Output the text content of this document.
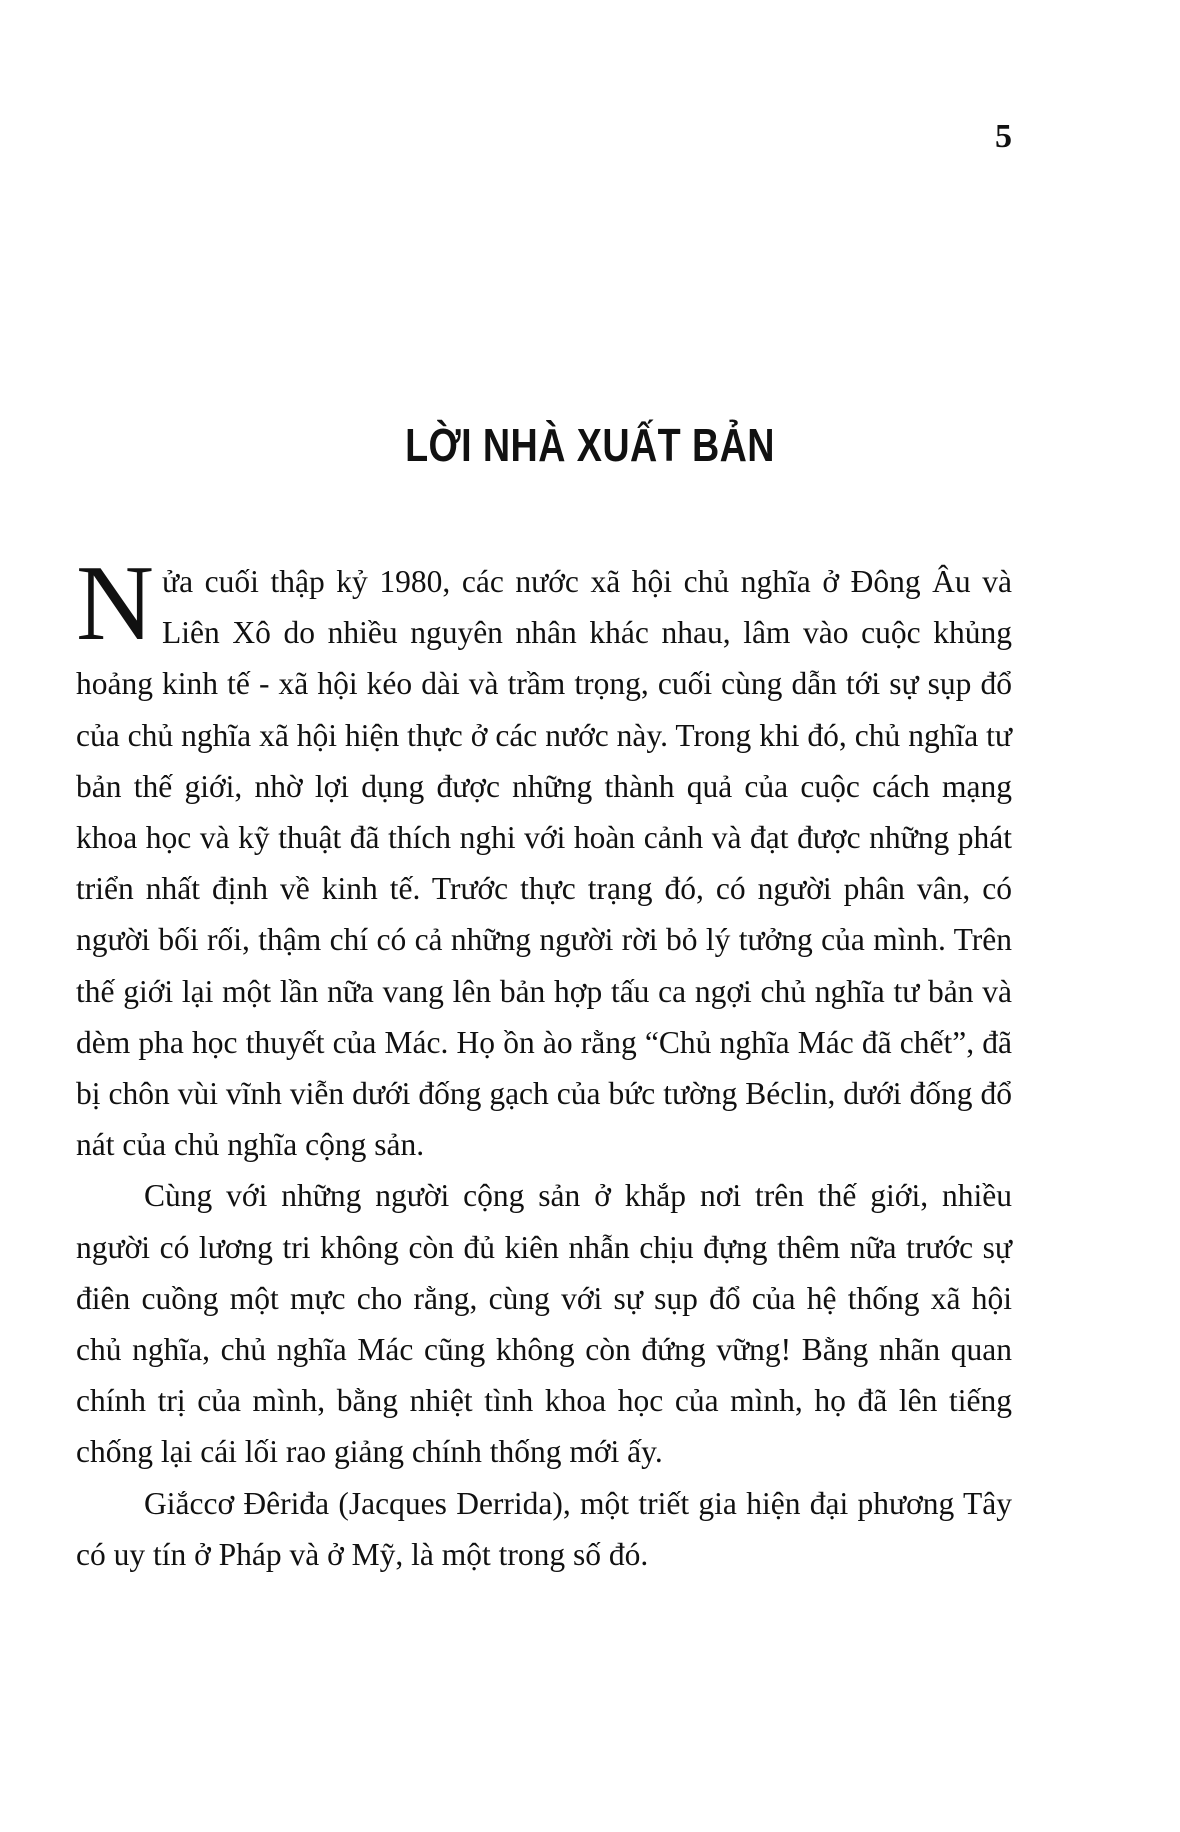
5
LỜI NHÀ XUẤT BẢN

Nửa cuối thập kỷ 1980, các nước xã hội chủ nghĩa ở Đông Âu và Liên Xô do nhiều nguyên nhân khác nhau, lâm vào cuộc khủng hoảng kinh tế - xã hội kéo dài và trầm trọng, cuối cùng dẫn tới sự sụp đổ của chủ nghĩa xã hội hiện thực ở các nước này. Trong khi đó, chủ nghĩa tư bản thế giới, nhờ lợi dụng được những thành quả của cuộc cách mạng khoa học và kỹ thuật đã thích nghi với hoàn cảnh và đạt được những phát triển nhất định về kinh tế. Trước thực trạng đó, có người phân vân, có người bối rối, thậm chí có cả những người rời bỏ lý tưởng của mình. Trên thế giới lại một lần nữa vang lên bản hợp tấu ca ngợi chủ nghĩa tư bản và dèm pha học thuyết của Mác. Họ ồn ào rằng “Chủ nghĩa Mác đã chết”, đã bị chôn vùi vĩnh viễn dưới đống gạch của bức tường Béclin, dưới đống đổ nát của chủ nghĩa cộng sản.

Cùng với những người cộng sản ở khắp nơi trên thế giới, nhiều người có lương tri không còn đủ kiên nhẫn chịu đựng thêm nữa trước sự điên cuồng một mực cho rằng, cùng với sự sụp đổ của hệ thống xã hội chủ nghĩa, chủ nghĩa Mác cũng không còn đứng vững! Bằng nhãn quan chính trị của mình, bằng nhiệt tình khoa học của mình, họ đã lên tiếng chống lại cái lối rao giảng chính thống mới ấy.

Giắccơ Đêriđa (Jacques Derrida), một triết gia hiện đại phương Tây có uy tín ở Pháp và ở Mỹ, là một trong số đó.
